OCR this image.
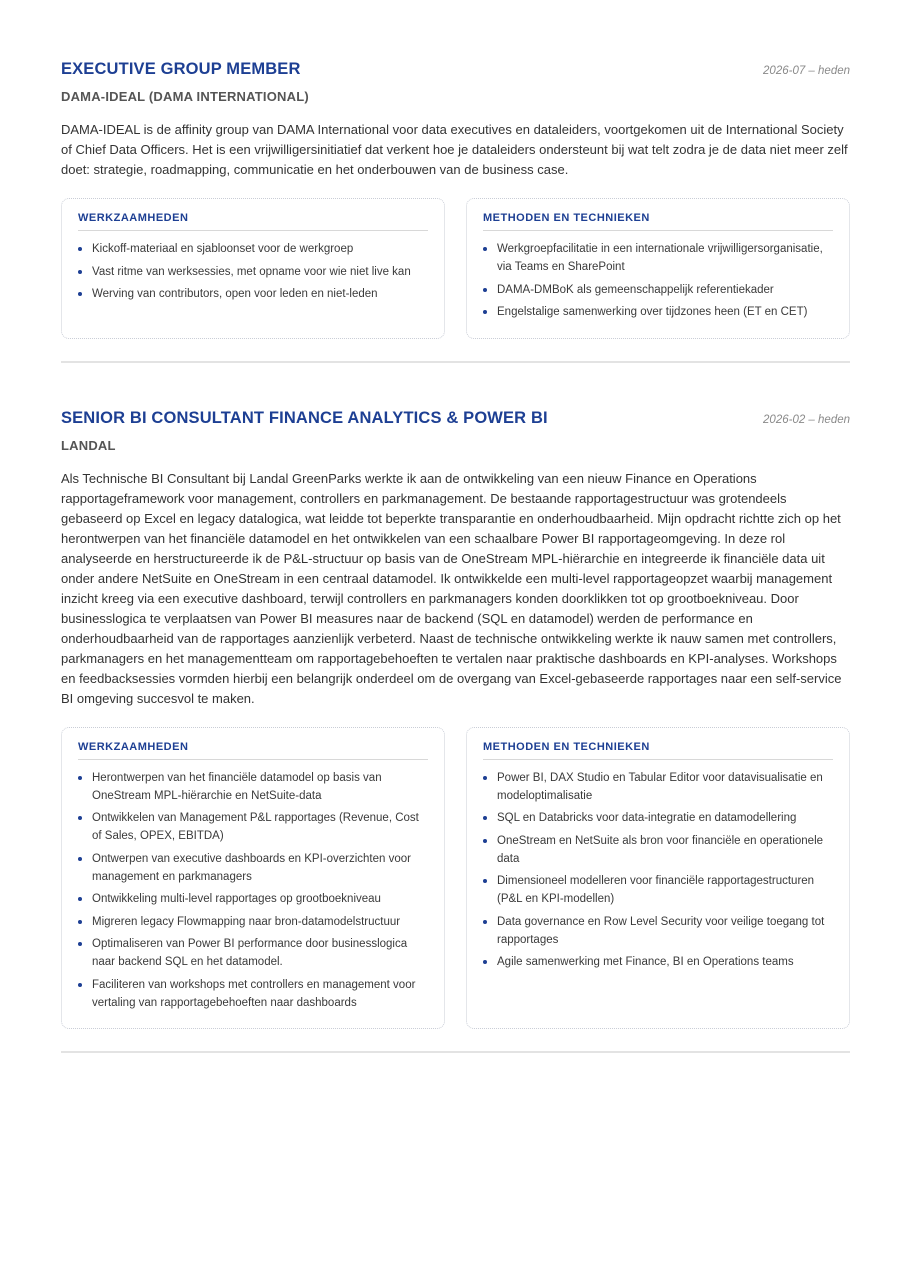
EXECUTIVE GROUP MEMBER	2026-07 – heden
DAMA-IDEAL (DAMA INTERNATIONAL)

DAMA-IDEAL is de affinity group van DAMA International voor data executives en dataleiders, voortgekomen uit de International Society of Chief Data Officers. Het is een vrijwilligersinitiatief dat verkent hoe je dataleiders ondersteunt bij wat telt zodra je de data niet meer zelf doet: strategie, roadmapping, communicatie en het onderbouwen van de business case.

WERKZAAMHEDEN
Kickoff-materiaal en sjabloonset voor de werkgroep
Vast ritme van werksessies, met opname voor wie niet live kan
Werving van contributors, open voor leden en niet-leden
METHODEN EN TECHNIEKEN
Werkgroepfacilitatie in een internationale vrijwilligersorganisatie, via Teams en SharePoint
DAMA-DMBoK als gemeenschappelijk referentiekader
Engelstalige samenwerking over tijdzones heen (ET en CET)
SENIOR BI CONSULTANT FINANCE ANALYTICS & POWER BI	2026-02 – heden
LANDAL

Als Technische BI Consultant bij Landal GreenParks werkte ik aan de ontwikkeling van een nieuw Finance en Operations rapportageframework voor management, controllers en parkmanagement. De bestaande rapportagestructuur was grotendeels gebaseerd op Excel en legacy datalogica, wat leidde tot beperkte transparantie en onderhoudbaarheid. Mijn opdracht richtte zich op het herontwerpen van het financiële datamodel en het ontwikkelen van een schaalbare Power BI rapportageomgeving. In deze rol analyseerde en herstructureerde ik de P&L-structuur op basis van de OneStream MPL-hiërarchie en integreerde ik financiële data uit onder andere NetSuite en OneStream in een centraal datamodel. Ik ontwikkelde een multi-level rapportageopzet waarbij management inzicht kreeg via een executive dashboard, terwijl controllers en parkmanagers konden doorklikken tot op grootboekniveau. Door businesslogica te verplaatsen van Power BI measures naar de backend (SQL en datamodel) werden de performance en onderhoudbaarheid van de rapportages aanzienlijk verbeterd. Naast de technische ontwikkeling werkte ik nauw samen met controllers, parkmanagers en het managementteam om rapportagebehoeften te vertalen naar praktische dashboards en KPI-analyses. Workshops en feedbacksessies vormden hierbij een belangrijk onderdeel om de overgang van Excel-gebaseerde rapportages naar een self-service BI omgeving succesvol te maken.

WERKZAAMHEDEN
Herontwerpen van het financiële datamodel op basis van OneStream MPL-hiërarchie en NetSuite-data
Ontwikkelen van Management P&L rapportages (Revenue, Cost of Sales, OPEX, EBITDA)
Ontwerpen van executive dashboards en KPI-overzichten voor management en parkmanagers
Ontwikkeling multi-level rapportages op grootboekniveau
Migreren legacy Flowmapping naar bron-datamodelstructuur
Optimaliseren van Power BI performance door businesslogica naar backend SQL en het datamodel.
Faciliteren van workshops met controllers en management voor vertaling van rapportagebehoeften naar dashboards
METHODEN EN TECHNIEKEN
Power BI, DAX Studio en Tabular Editor voor datavisualisatie en modeloptimalisatie
SQL en Databricks voor data-integratie en datamodellering
OneStream en NetSuite als bron voor financiële en operationele data
Dimensioneel modelleren voor financiële rapportagestructuren (P&L en KPI-modellen)
Data governance en Row Level Security voor veilige toegang tot rapportages
Agile samenwerking met Finance, BI en Operations teams
